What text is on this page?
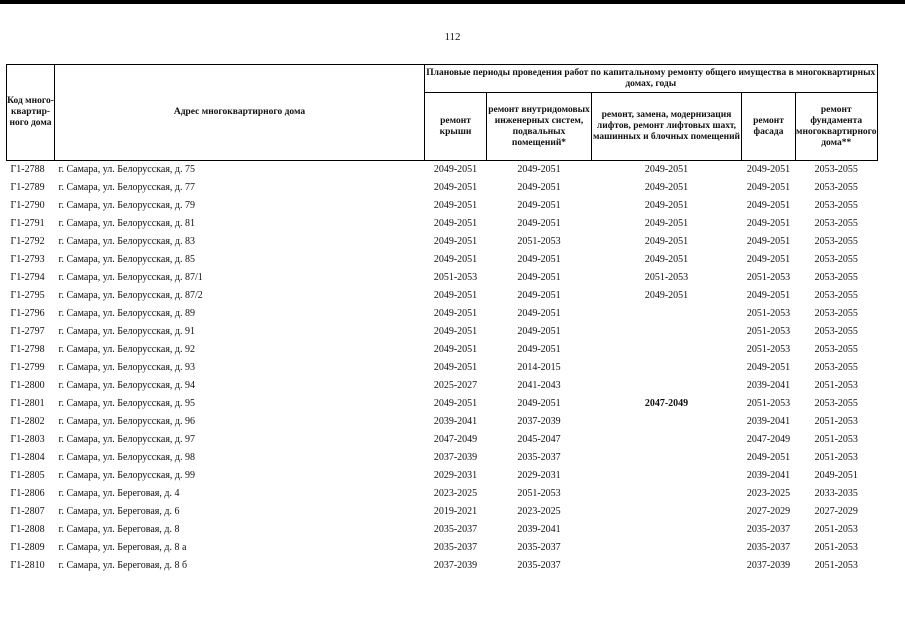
112
Код много-квартир-ного дома	Адрес многоквартирного дома	Плановые периоды проведения работ по капитальному ремонту общего имущества в многоквартирных домах, годы				
		ремонт крыши	ремонт внутридомовых инженерных систем, подвальных помещений*	ремонт, замена, модернизация лифтов, ремонт лифтовых шахт, машинных и блочных помещений	ремонт фасада	ремонт фундамента многоквартирного дома**
Г1-2788	г. Самара, ул. Белорусская, д. 75	2049-2051	2049-2051	2049-2051	2049-2051	2053-2055
Г1-2789	г. Самара, ул. Белорусская, д. 77	2049-2051	2049-2051	2049-2051	2049-2051	2053-2055
Г1-2790	г. Самара, ул. Белорусская, д. 79	2049-2051	2049-2051	2049-2051	2049-2051	2053-2055
Г1-2791	г. Самара, ул. Белорусская, д. 81	2049-2051	2049-2051	2049-2051	2049-2051	2053-2055
Г1-2792	г. Самара, ул. Белорусская, д. 83	2049-2051	2051-2053	2049-2051	2049-2051	2053-2055
Г1-2793	г. Самара, ул. Белорусская, д. 85	2049-2051	2049-2051	2049-2051	2049-2051	2053-2055
Г1-2794	г. Самара, ул. Белорусская, д. 87/1	2051-2053	2049-2051	2051-2053	2051-2053	2053-2055
Г1-2795	г. Самара, ул. Белорусская, д. 87/2	2049-2051	2049-2051	2049-2051	2049-2051	2053-2055
Г1-2796	г. Самара, ул. Белорусская, д. 89	2049-2051	2049-2051		2051-2053	2053-2055
Г1-2797	г. Самара, ул. Белорусская, д. 91	2049-2051	2049-2051		2051-2053	2053-2055
Г1-2798	г. Самара, ул. Белорусская, д. 92	2049-2051	2049-2051		2051-2053	2053-2055
Г1-2799	г. Самара, ул. Белорусская, д. 93	2049-2051	2014-2015		2049-2051	2053-2055
Г1-2800	г. Самара, ул. Белорусская, д. 94	2025-2027	2041-2043		2039-2041	2051-2053
Г1-2801	г. Самара, ул. Белорусская, д. 95	2049-2051	2049-2051	2047-2049	2051-2053	2053-2055
Г1-2802	г. Самара, ул. Белорусская, д. 96	2039-2041	2037-2039		2039-2041	2051-2053
Г1-2803	г. Самара, ул. Белорусская, д. 97	2047-2049	2045-2047		2047-2049	2051-2053
Г1-2804	г. Самара, ул. Белорусская, д. 98	2037-2039	2035-2037		2049-2051	2051-2053
Г1-2805	г. Самара, ул. Белорусская, д. 99	2029-2031	2029-2031		2039-2041	2049-2051
Г1-2806	г. Самара, ул. Береговая, д. 4	2023-2025	2051-2053		2023-2025	2033-2035
Г1-2807	г. Самара, ул. Береговая, д. 6	2019-2021	2023-2025		2027-2029	2027-2029
Г1-2808	г. Самара, ул. Береговая, д. 8	2035-2037	2039-2041		2035-2037	2051-2053
Г1-2809	г. Самара, ул. Береговая, д. 8 а	2035-2037	2035-2037		2035-2037	2051-2053
Г1-2810	г. Самара, ул. Береговая, д. 8 б	2037-2039	2035-2037		2037-2039	2051-2053
